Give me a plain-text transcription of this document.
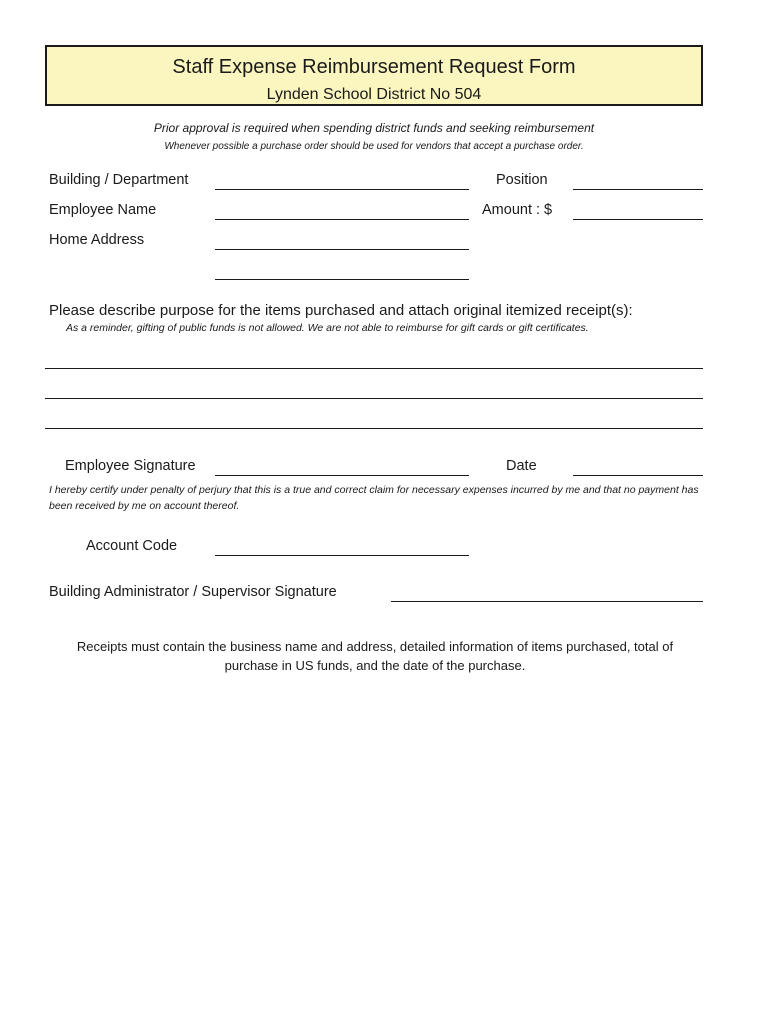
Staff Expense Reimbursement Request Form
Lynden School District No 504
Prior approval is required when spending district funds and seeking reimbursement
Whenever possible a purchase order should be used for vendors that accept a purchase order.
Building / Department	Position
Employee Name	Amount : $
Home Address
Please describe purpose for the items purchased and attach original itemized receipt(s):
As a reminder, gifting of public funds is not allowed. We are not able to reimburse for gift cards or gift certificates.
Employee Signature	Date
I hereby certify under penalty of perjury that this is a true and correct claim for necessary expenses incurred by me and that no payment has been received by me on account thereof.
Account Code
Building Administrator / Supervisor Signature
Receipts must contain the business name and address, detailed information of items purchased, total of purchase in US funds, and the date of the purchase.
